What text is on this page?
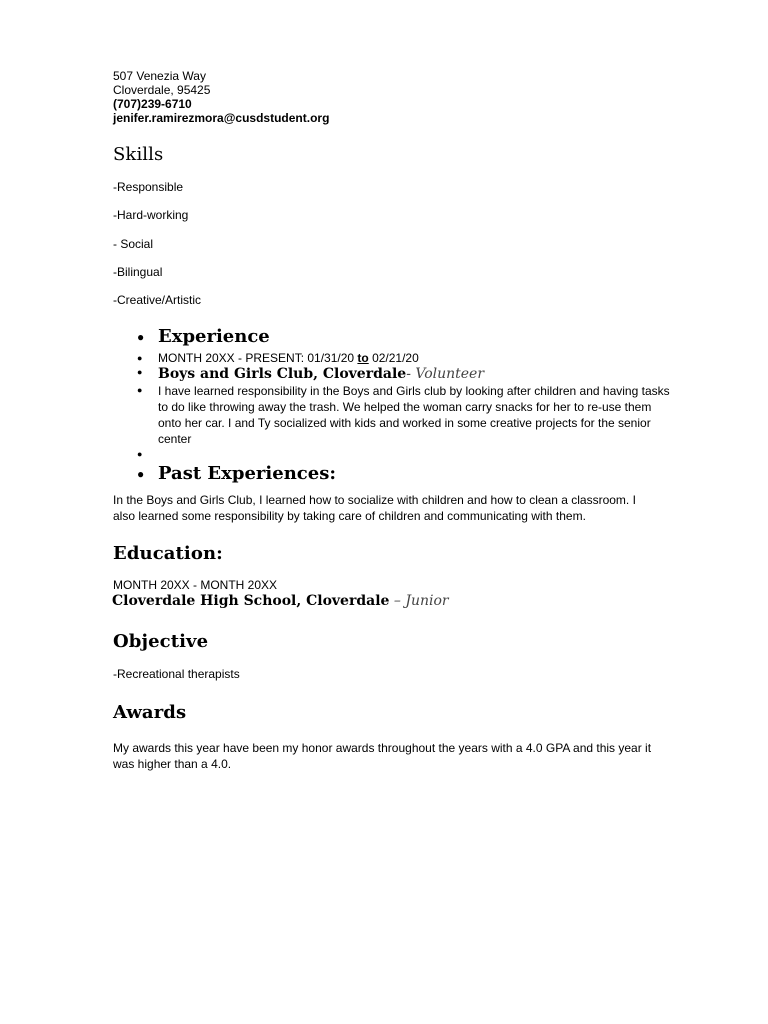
507 Venezia Way
Cloverdale, 95425
(707)239-6710
jenifer.ramirezmora@cusdstudent.org
Skills
-Responsible
-Hard-working
- Social
-Bilingual
-Creative/Artistic
● Experience
● MONTH 20XX - PRESENT: 01/31/20 to 02/21/20
● Boys and Girls Club, Cloverdale- Volunteer
● I have learned responsibility in the Boys and Girls club by looking after children and having tasks to do like throwing away the trash. We helped the woman carry snacks for her to re-use them onto her car. I and Ty socialized with kids and worked in some creative projects for the senior center
●
● Past Experiences:
In the Boys and Girls Club, I learned how to socialize with children and how to clean a classroom. I also learned some responsibility by taking care of children and communicating with them.
Education:
MONTH 20XX - MONTH 20XX
Cloverdale High School, Cloverdale – Junior
Objective
-Recreational therapists
Awards
My awards this year have been my honor awards throughout the years with a 4.0 GPA and this year it was higher than a 4.0.
